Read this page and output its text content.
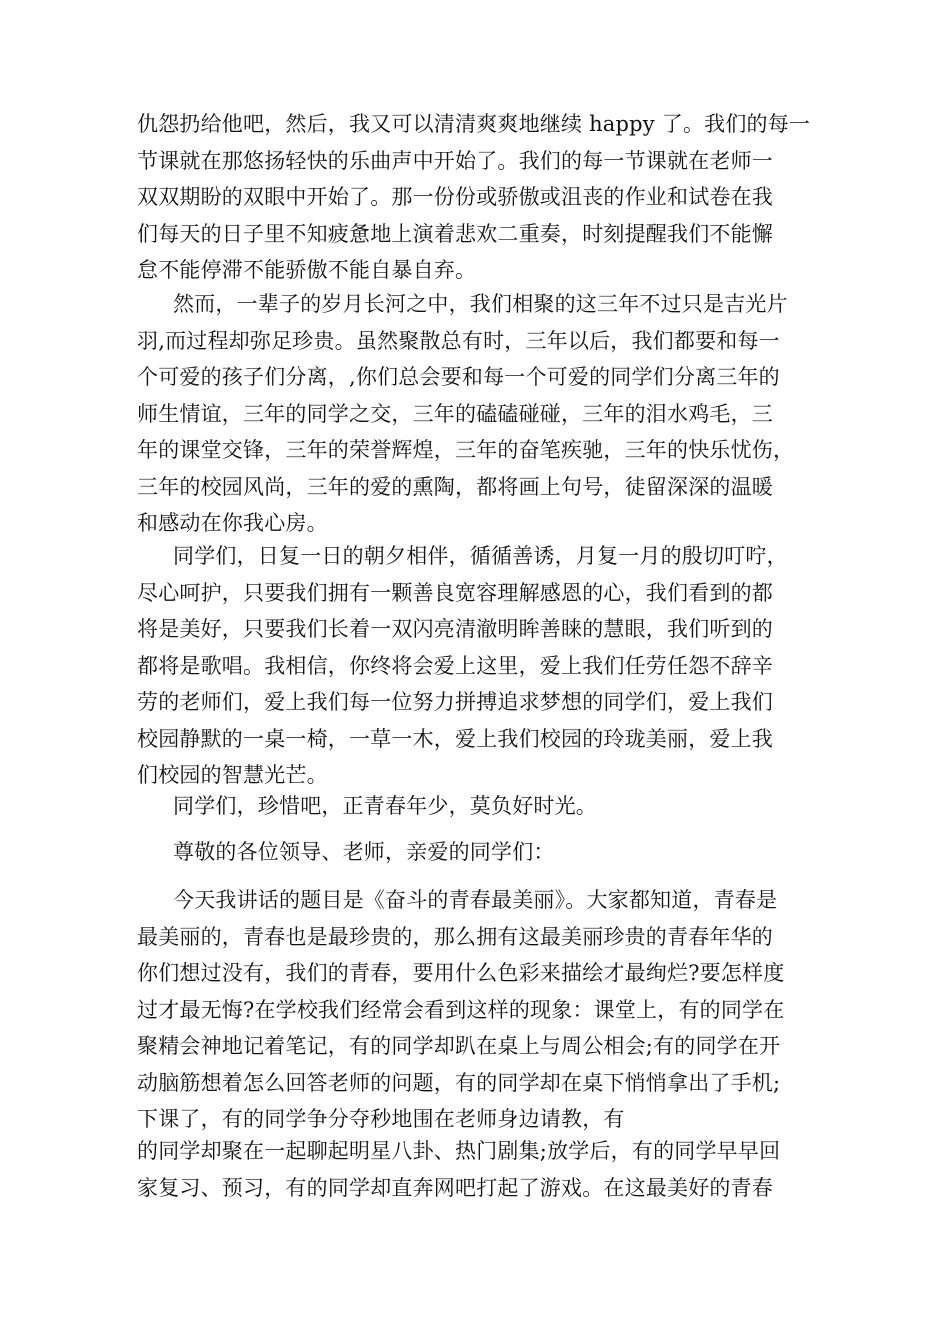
仇怨扔给他吧，然后，我又可以清清爽爽地继续 happy 了。我们的每一
节课就在那悠扬轻快的乐曲声中开始了。我们的每一节课就在老师一
双双期盼的双眼中开始了。那一份份或骄傲或沮丧的作业和试卷在我
们每天的日子里不知疲惫地上演着悲欢二重奏，时刻提醒我们不能懈
怠不能停滞不能骄傲不能自暴自弃。
然而，一辈子的岁月长河之中，我们相聚的这三年不过只是吉光片
羽,而过程却弥足珍贵。虽然聚散总有时，三年以后，我们都要和每一
个可爱的孩子们分离，,你们总会要和每一个可爱的同学们分离三年的
师生情谊，三年的同学之交，三年的磕磕碰碰，三年的泪水鸡毛，三
年的课堂交锋，三年的荣誉辉煌，三年的奋笔疾驰，三年的快乐忧伤，
三年的校园风尚，三年的爱的熏陶，都将画上句号，徒留深深的温暖
和感动在你我心房。
同学们，日复一日的朝夕相伴，循循善诱，月复一月的殷切叮咛，
尽心呵护，只要我们拥有一颗善良宽容理解感恩的心，我们看到的都
将是美好，只要我们长着一双闪亮清澈明眸善睐的慧眼，我们听到的
都将是歌唱。我相信，你终将会爱上这里，爱上我们任劳任怨不辞辛
劳的老师们，爱上我们每一位努力拼搏追求梦想的同学们，爱上我们
校园静默的一桌一椅，一草一木，爱上我们校园的玲珑美丽，爱上我
们校园的智慧光芒。
同学们，珍惜吧，正青春年少，莫负好时光。
尊敬的各位领导、老师，亲爱的同学们：
今天我讲话的题目是《奋斗的青春最美丽》。大家都知道，青春是
最美丽的，青春也是最珍贵的，那么拥有这最美丽珍贵的青春年华的
你们想过没有，我们的青春，要用什么色彩来描绘才最绚烂?要怎样度
过才最无悔?在学校我们经常会看到这样的现象：课堂上，有的同学在
聚精会神地记着笔记，有的同学却趴在桌上与周公相会;有的同学在开
动脑筋想着怎么回答老师的问题，有的同学却在桌下悄悄拿出了手机;
下课了，有的同学争分夺秒地围在老师身边请教，有
的同学却聚在一起聊起明星八卦、热门剧集;放学后，有的同学早早回
家复习、预习，有的同学却直奔网吧打起了游戏。在这最美好的青春
